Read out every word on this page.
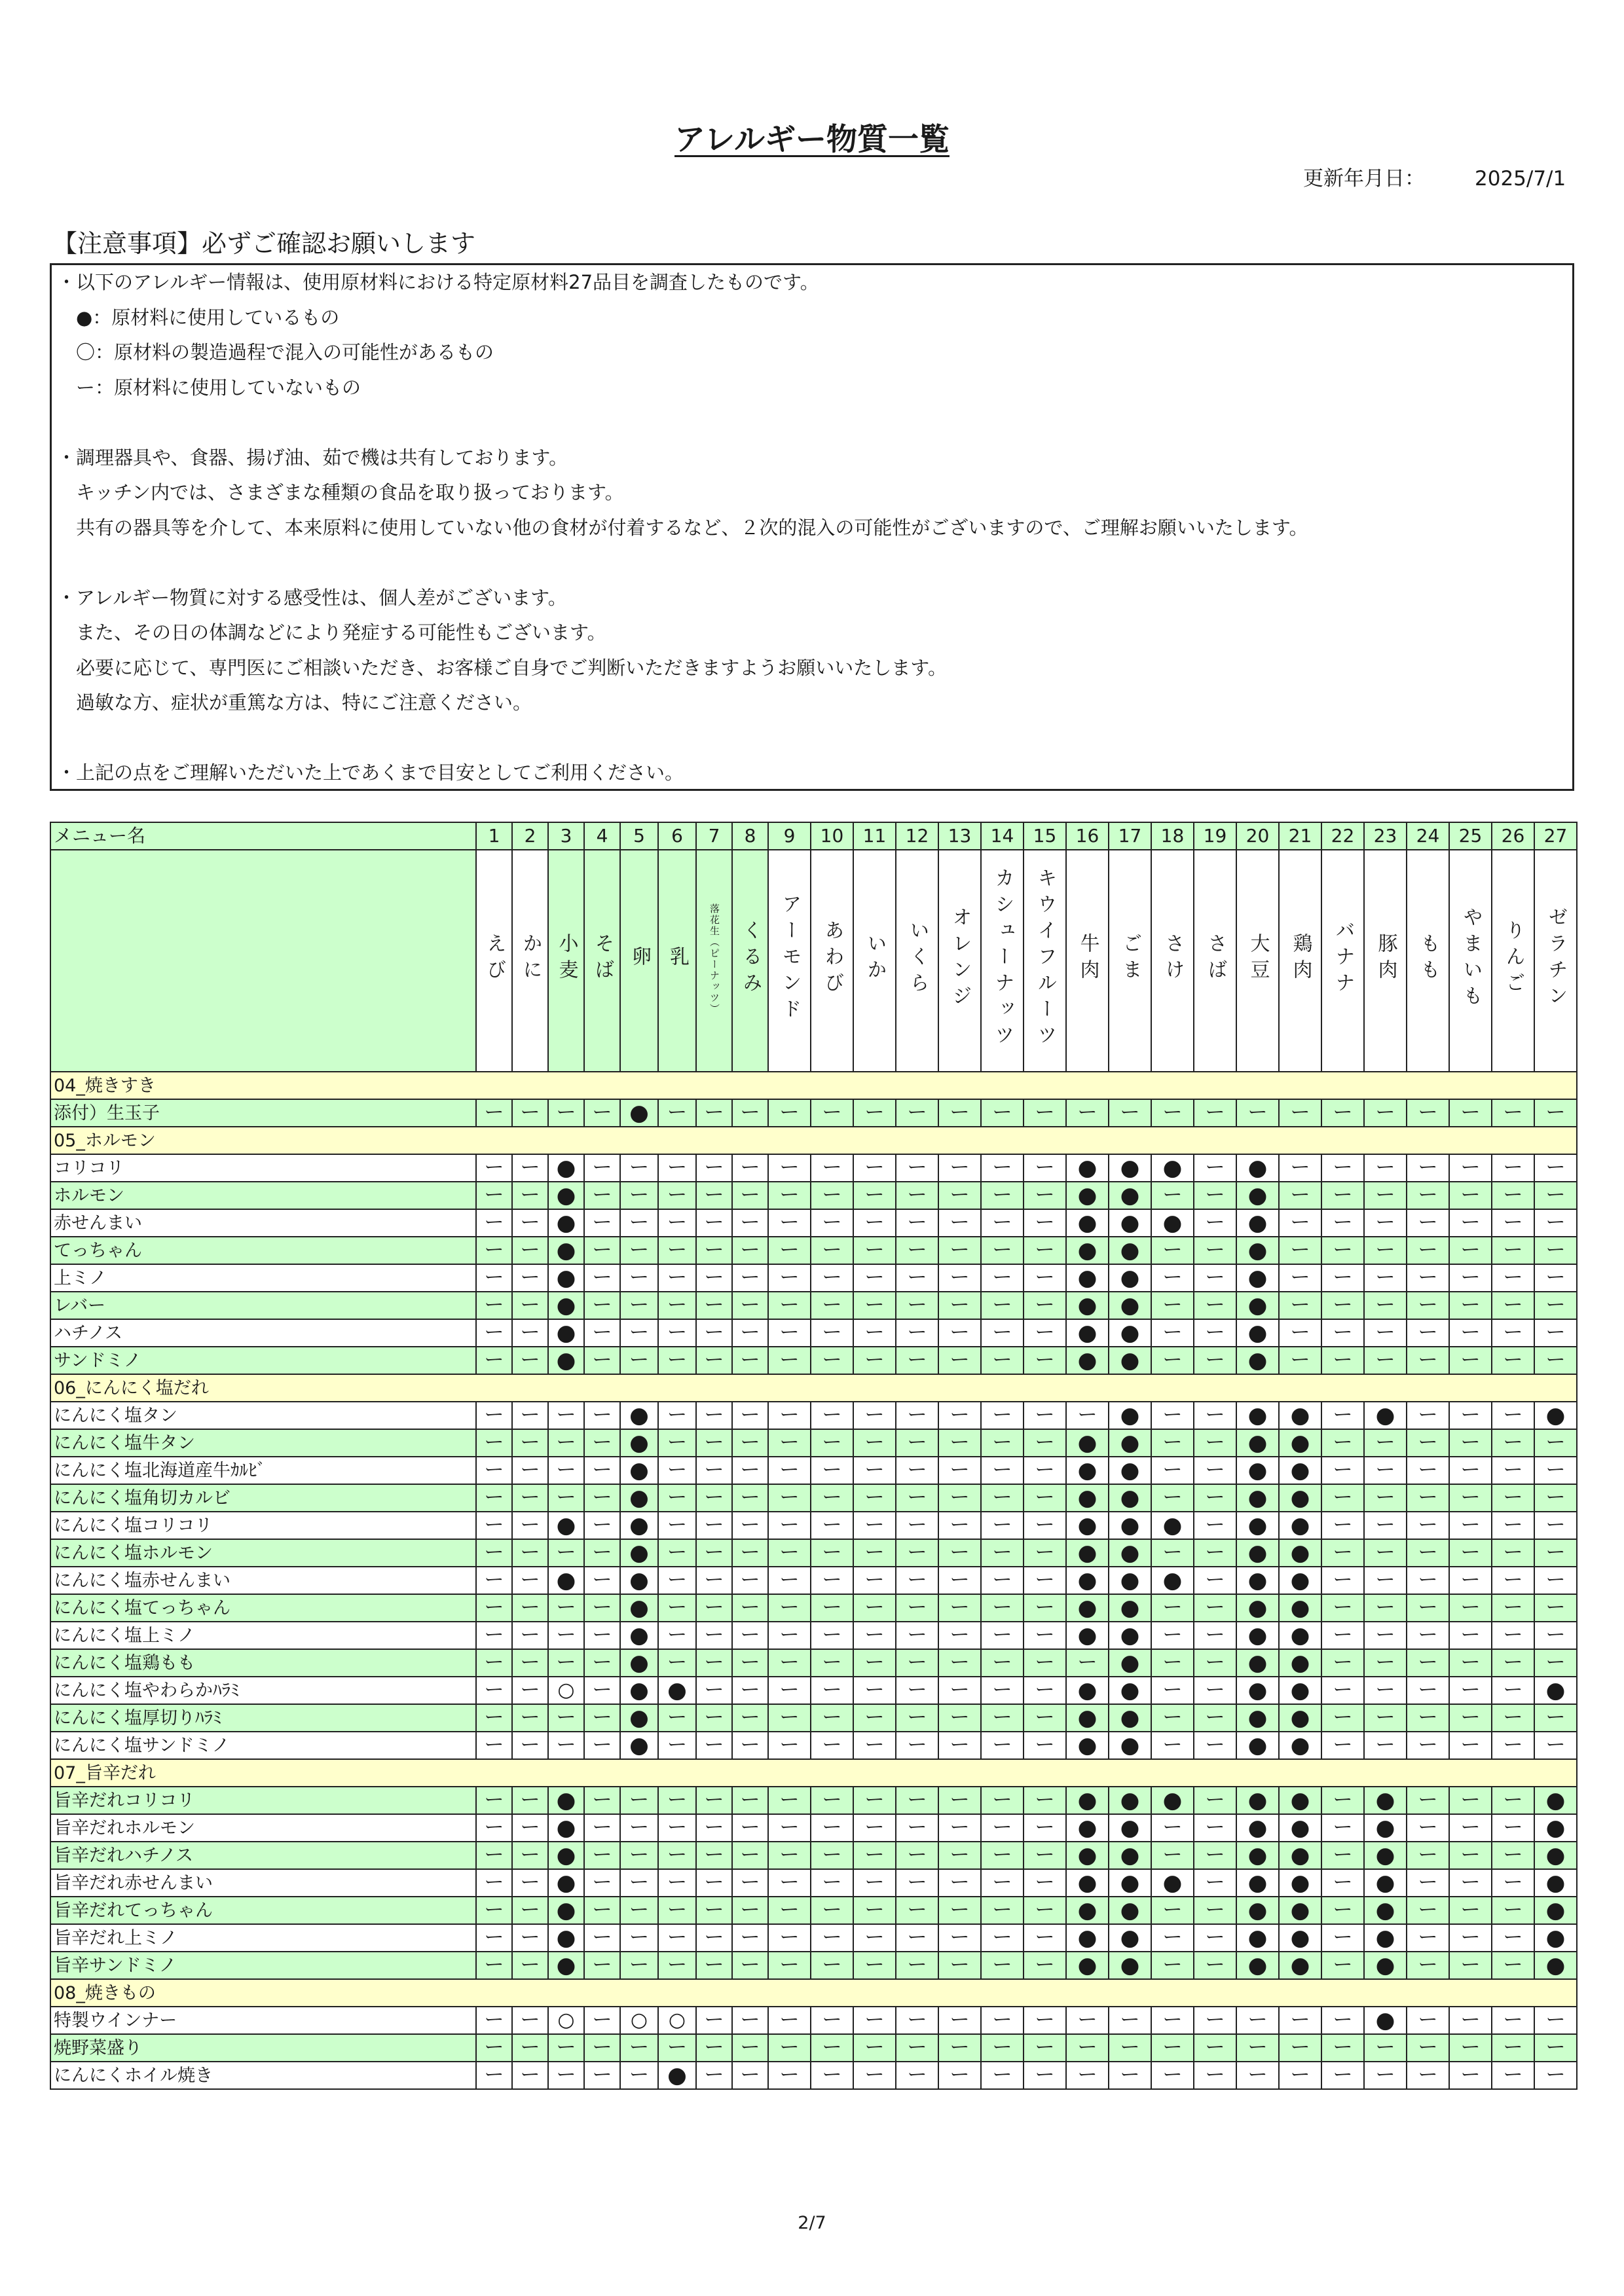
アレルギー物質一覧
更新年月日： 2025/7/1
【注意事項】必ずご確認お願いします
・以下のアレルギー情報は、使用原材料における特定原材料27品目を調査したものです。
　●：原材料に使用しているもの
　〇：原材料の製造過程で混入の可能性があるもの
　ー：原材料に使用していないもの
・調理器具や、食器、揚げ油、茹で機は共有しております。
　キッチン内では、さまざまな種類の食品を取り扱っております。
　共有の器具等を介して、本来原料に使用していない他の食材が付着するなど、２次的混入の可能性がございますので、ご理解お願いいたします。
・アレルギー物質に対する感受性は、個人差がございます。
　また、その日の体調などにより発症する可能性もございます。
　必要に応じて、専門医にご相談いただき、お客様ご自身でご判断いただきますようお願いいたします。
　過敏な方、症状が重篤な方は、特にご注意ください。
・上記の点をご理解いただいた上であくまで目安としてご利用ください。
メニュー名	1	2	3	4	5	6	7	8	9	10	11	12	13	14	15	16	17	18	19	20	21	22	23	24	25	26	27
	えび	かに	小麦	そば	卵	乳	落花生（ピーナッツ）	くるみ	アーモンド	あわび	いか	いくら	オレンジ	カシューナッツ	キウイフルーツ	牛肉	ごま	さけ	さば	大豆	鶏肉	バナナ	豚肉	もも	やまいも	りんご	ゼラチン
04_焼きすき																											
添付）生玉子	ー	ー	ー	ー	●	ー	ー	ー	ー	ー	ー	ー	ー	ー	ー	ー	ー	ー	ー	ー	ー	ー	ー	ー	ー	ー	ー
05_ホルモン																											
コリコリ	ー	ー	●	ー	ー	ー	ー	ー	ー	ー	ー	ー	ー	ー	ー	●	●	●	ー	●	ー	ー	ー	ー	ー	ー	ー
ホルモン	ー	ー	●	ー	ー	ー	ー	ー	ー	ー	ー	ー	ー	ー	ー	●	●	ー	ー	●	ー	ー	ー	ー	ー	ー	ー
赤せんまい	ー	ー	●	ー	ー	ー	ー	ー	ー	ー	ー	ー	ー	ー	ー	●	●	●	ー	●	ー	ー	ー	ー	ー	ー	ー
てっちゃん	ー	ー	●	ー	ー	ー	ー	ー	ー	ー	ー	ー	ー	ー	ー	●	●	ー	ー	●	ー	ー	ー	ー	ー	ー	ー
上ミノ	ー	ー	●	ー	ー	ー	ー	ー	ー	ー	ー	ー	ー	ー	ー	●	●	ー	ー	●	ー	ー	ー	ー	ー	ー	ー
レバー	ー	ー	●	ー	ー	ー	ー	ー	ー	ー	ー	ー	ー	ー	ー	●	●	ー	ー	●	ー	ー	ー	ー	ー	ー	ー
ハチノス	ー	ー	●	ー	ー	ー	ー	ー	ー	ー	ー	ー	ー	ー	ー	●	●	ー	ー	●	ー	ー	ー	ー	ー	ー	ー
サンドミノ	ー	ー	●	ー	ー	ー	ー	ー	ー	ー	ー	ー	ー	ー	ー	●	●	ー	ー	●	ー	ー	ー	ー	ー	ー	ー
06_にんにく塩だれ																											
にんにく塩タン	ー	ー	ー	ー	●	ー	ー	ー	ー	ー	ー	ー	ー	ー	ー	ー	●	ー	ー	●	●	ー	●	ー	ー	ー	●
にんにく塩牛タン	ー	ー	ー	ー	●	ー	ー	ー	ー	ー	ー	ー	ー	ー	ー	●	●	ー	ー	●	●	ー	ー	ー	ー	ー	ー
にんにく塩北海道産牛ｶﾙﾋﾞ	ー	ー	ー	ー	●	ー	ー	ー	ー	ー	ー	ー	ー	ー	ー	●	●	ー	ー	●	●	ー	ー	ー	ー	ー	ー
にんにく塩角切カルビ	ー	ー	ー	ー	●	ー	ー	ー	ー	ー	ー	ー	ー	ー	ー	●	●	ー	ー	●	●	ー	ー	ー	ー	ー	ー
にんにく塩コリコリ	ー	ー	●	ー	●	ー	ー	ー	ー	ー	ー	ー	ー	ー	ー	●	●	●	ー	●	●	ー	ー	ー	ー	ー	ー
にんにく塩ホルモン	ー	ー	ー	ー	●	ー	ー	ー	ー	ー	ー	ー	ー	ー	ー	●	●	ー	ー	●	●	ー	ー	ー	ー	ー	ー
にんにく塩赤せんまい	ー	ー	●	ー	●	ー	ー	ー	ー	ー	ー	ー	ー	ー	ー	●	●	●	ー	●	●	ー	ー	ー	ー	ー	ー
にんにく塩てっちゃん	ー	ー	ー	ー	●	ー	ー	ー	ー	ー	ー	ー	ー	ー	ー	●	●	ー	ー	●	●	ー	ー	ー	ー	ー	ー
にんにく塩上ミノ	ー	ー	ー	ー	●	ー	ー	ー	ー	ー	ー	ー	ー	ー	ー	●	●	ー	ー	●	●	ー	ー	ー	ー	ー	ー
にんにく塩鶏もも	ー	ー	ー	ー	●	ー	ー	ー	ー	ー	ー	ー	ー	ー	ー	ー	●	ー	ー	●	●	ー	ー	ー	ー	ー	ー
にんにく塩やわらかﾊﾗﾐ	ー	ー	○	ー	●	●	ー	ー	ー	ー	ー	ー	ー	ー	ー	●	●	ー	ー	●	●	ー	ー	ー	ー	ー	●
にんにく塩厚切りﾊﾗﾐ	ー	ー	ー	ー	●	ー	ー	ー	ー	ー	ー	ー	ー	ー	ー	●	●	ー	ー	●	●	ー	ー	ー	ー	ー	ー
にんにく塩サンドミノ	ー	ー	ー	ー	●	ー	ー	ー	ー	ー	ー	ー	ー	ー	ー	●	●	ー	ー	●	●	ー	ー	ー	ー	ー	ー
07_旨辛だれ																											
旨辛だれコリコリ	ー	ー	●	ー	ー	ー	ー	ー	ー	ー	ー	ー	ー	ー	ー	●	●	●	ー	●	●	ー	●	ー	ー	ー	●
旨辛だれホルモン	ー	ー	●	ー	ー	ー	ー	ー	ー	ー	ー	ー	ー	ー	ー	●	●	ー	ー	●	●	ー	●	ー	ー	ー	●
旨辛だれハチノス	ー	ー	●	ー	ー	ー	ー	ー	ー	ー	ー	ー	ー	ー	ー	●	●	ー	ー	●	●	ー	●	ー	ー	ー	●
旨辛だれ赤せんまい	ー	ー	●	ー	ー	ー	ー	ー	ー	ー	ー	ー	ー	ー	ー	●	●	●	ー	●	●	ー	●	ー	ー	ー	●
旨辛だれてっちゃん	ー	ー	●	ー	ー	ー	ー	ー	ー	ー	ー	ー	ー	ー	ー	●	●	ー	ー	●	●	ー	●	ー	ー	ー	●
旨辛だれ上ミノ	ー	ー	●	ー	ー	ー	ー	ー	ー	ー	ー	ー	ー	ー	ー	●	●	ー	ー	●	●	ー	●	ー	ー	ー	●
旨辛サンドミノ	ー	ー	●	ー	ー	ー	ー	ー	ー	ー	ー	ー	ー	ー	ー	●	●	ー	ー	●	●	ー	●	ー	ー	ー	●
08_焼きもの																											
特製ウインナー	ー	ー	○	ー	○	○	ー	ー	ー	ー	ー	ー	ー	ー	ー	ー	ー	ー	ー	ー	ー	ー	●	ー	ー	ー	ー
焼野菜盛り	ー	ー	ー	ー	ー	ー	ー	ー	ー	ー	ー	ー	ー	ー	ー	ー	ー	ー	ー	ー	ー	ー	ー	ー	ー	ー	ー
にんにくホイル焼き	ー	ー	ー	ー	ー	●	ー	ー	ー	ー	ー	ー	ー	ー	ー	ー	ー	ー	ー	ー	ー	ー	ー	ー	ー	ー	ー
2/7
